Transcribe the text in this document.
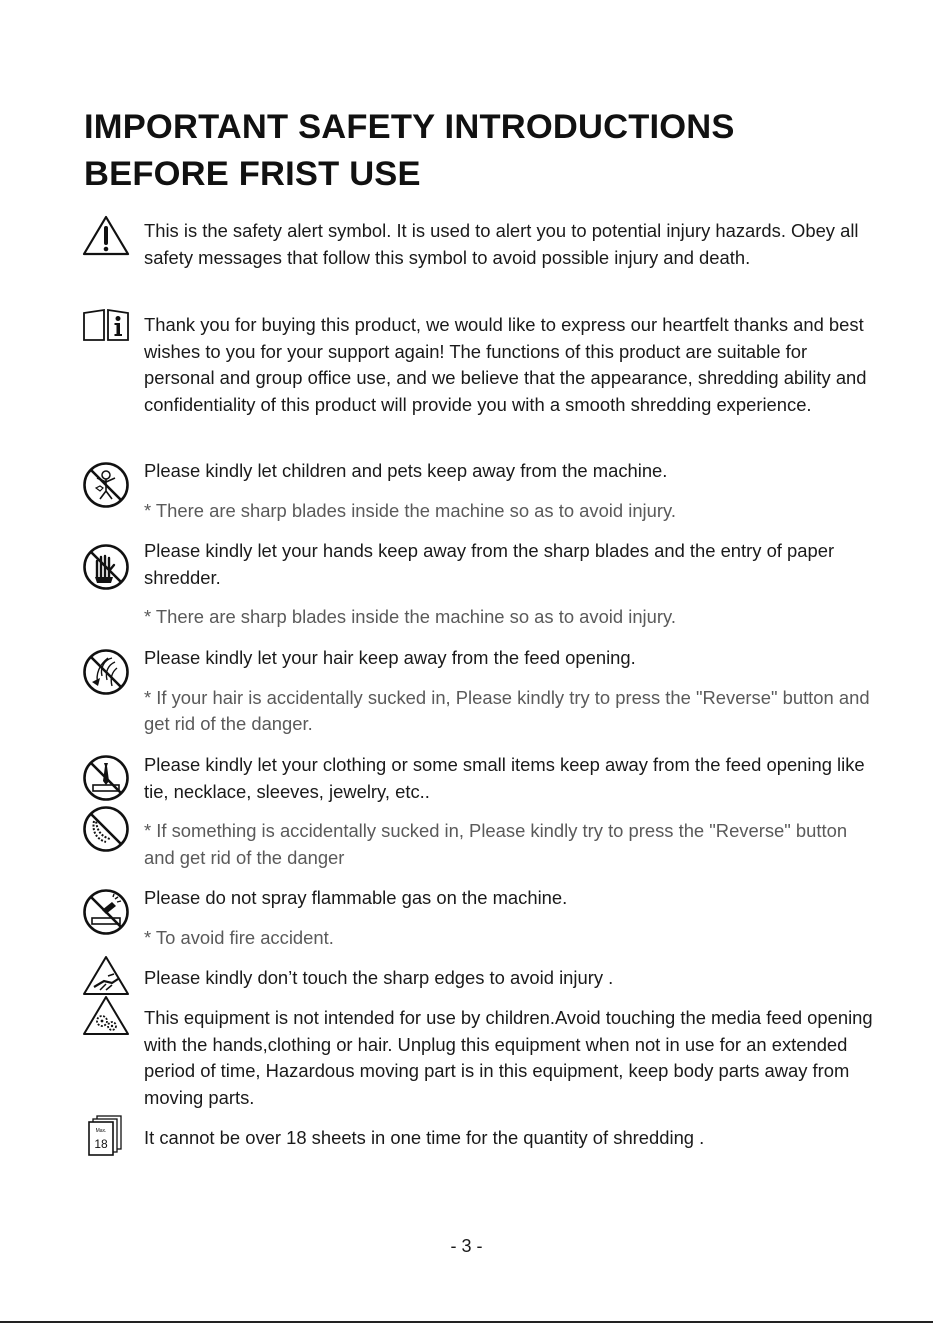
IMPORTANT SAFETY INTRODUCTIONS
BEFORE FRIST USE
This is the safety alert symbol. It is used to alert you to potential injury hazards. Obey all safety messages that follow this symbol to avoid possible injury and death.
Thank you for buying this product, we would like to express our heartfelt thanks and best wishes to you for your support again! The functions of this product are suitable for personal and group office use, and we believe that the appearance, shredding ability and confidentiality of this product will provide you with a smooth shredding experience.
Please kindly let children and pets keep away from the machine.
* There are sharp blades inside the machine so as to avoid injury.
Please kindly let your hands keep away from the sharp blades and the entry of paper shredder.
* There are sharp blades inside the machine so as to avoid injury.
Please kindly let your hair keep away from the feed opening.
* If your hair is accidentally sucked in, Please kindly try to press the "Reverse" button and get rid of the danger.
Please kindly let your clothing or some small items keep away from the feed opening like tie, necklace, sleeves, jewelry, etc..
* If something is accidentally sucked in, Please kindly try to press the "Reverse" button and get rid of the danger
Please do not spray flammable gas on the machine.
* To avoid fire accident.
Please kindly don’t touch the sharp edges to avoid injury .
This equipment is not intended for use by children.Avoid touching the media feed opening with the hands,clothing or hair. Unplug this equipment when not in use for an extended period of time, Hazardous moving part is in this equipment, keep body parts away from moving parts.
Max.
18 It cannot be over 18 sheets in one time for the quantity of shredding .
- 3 -
